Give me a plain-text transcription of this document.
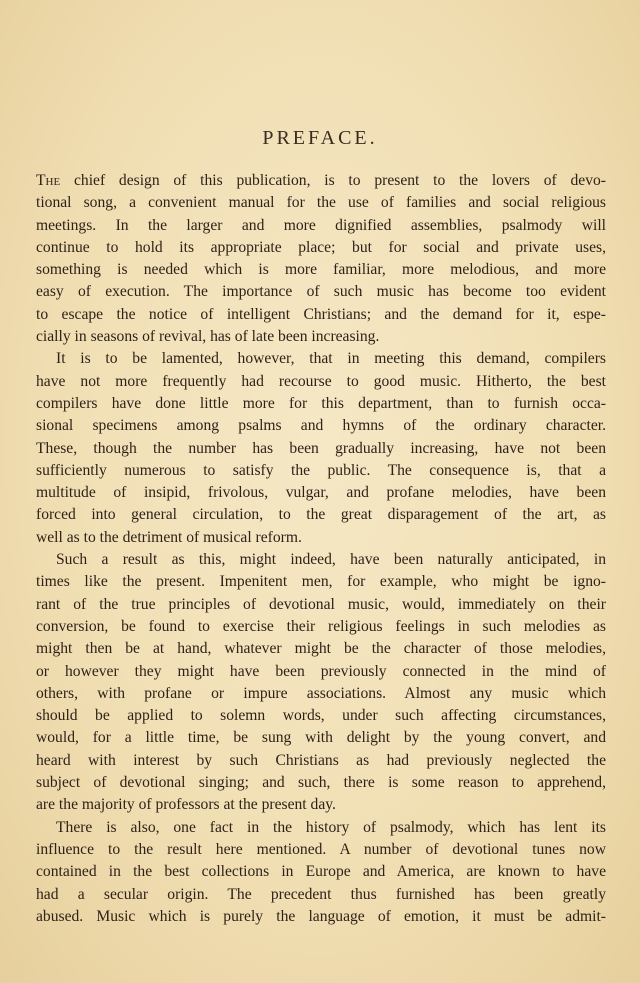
PREFACE.
The chief design of this publication, is to present to the lovers of devo-
tional song, a convenient manual for the use of families and social religious
meetings. In the larger and more dignified assemblies, psalmody will
continue to hold its appropriate place; but for social and private uses,
something is needed which is more familiar, more melodious, and more
easy of execution. The importance of such music has become too evident
to escape the notice of intelligent Christians; and the demand for it, espe-
cially in seasons of revival, has of late been increasing.
It is to be lamented, however, that in meeting this demand, compilers
have not more frequently had recourse to good music. Hitherto, the best
compilers have done little more for this department, than to furnish occa-
sional specimens among psalms and hymns of the ordinary character.
These, though the number has been gradually increasing, have not been
sufficiently numerous to satisfy the public. The consequence is, that a
multitude of insipid, frivolous, vulgar, and profane melodies, have been
forced into general circulation, to the great disparagement of the art, as
well as to the detriment of musical reform.
Such a result as this, might indeed, have been naturally anticipated, in
times like the present. Impenitent men, for example, who might be igno-
rant of the true principles of devotional music, would, immediately on their
conversion, be found to exercise their religious feelings in such melodies as
might then be at hand, whatever might be the character of those melodies,
or however they might have been previously connected in the mind of
others, with profane or impure associations. Almost any music which
should be applied to solemn words, under such affecting circumstances,
would, for a little time, be sung with delight by the young convert, and
heard with interest by such Christians as had previously neglected the
subject of devotional singing; and such, there is some reason to apprehend,
are the majority of professors at the present day.
There is also, one fact in the history of psalmody, which has lent its
influence to the result here mentioned. A number of devotional tunes now
contained in the best collections in Europe and America, are known to have
had a secular origin. The precedent thus furnished has been greatly
abused. Music which is purely the language of emotion, it must be admit-
